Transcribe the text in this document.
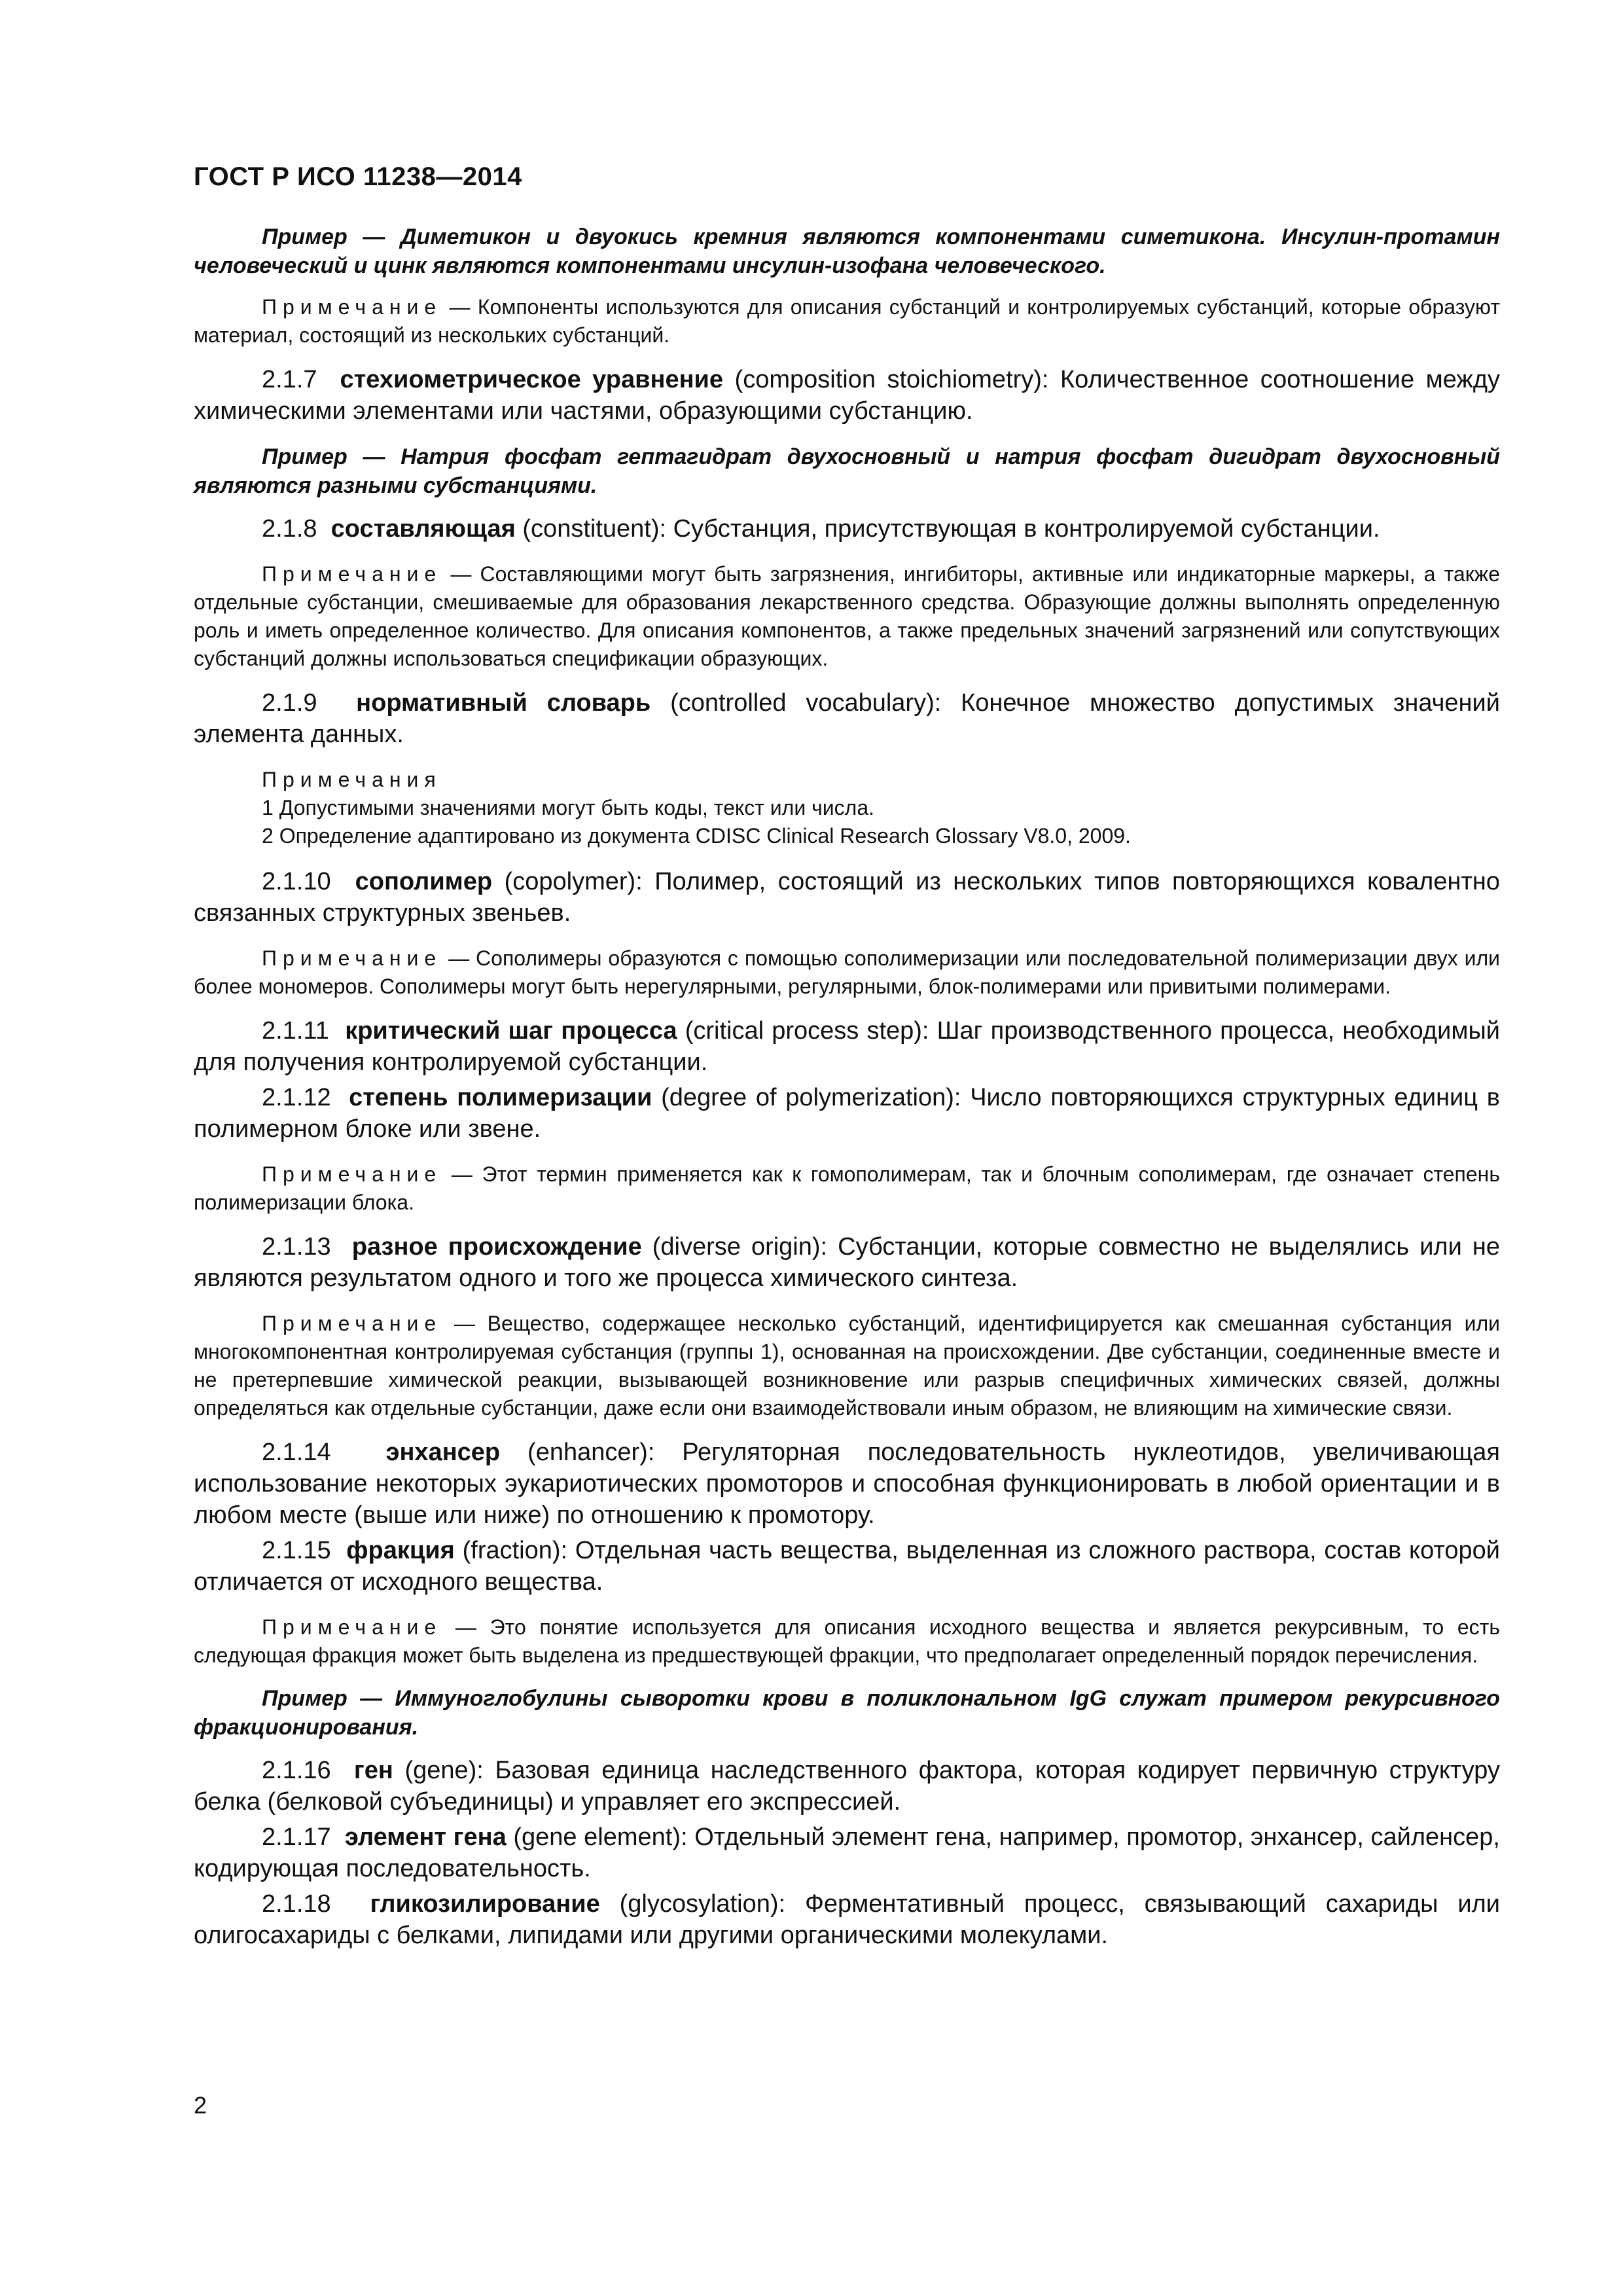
ГОСТ Р ИСО 11238—2014

Пример — Диметикон и двуокись кремния являются компонентами симетикона. Инсулин-протамин человеческий и цинк являются компонентами инсулин-изофана человеческого.

Примечание — Компоненты используются для описания субстанций и контролируемых субстанций, которые образуют материал, состоящий из нескольких субстанций.

2.1.7 стехиометрическое уравнение (composition stoichiometry): Количественное соотношение между химическими элементами или частями, образующими субстанцию.

Пример — Натрия фосфат гептагидрат двухосновный и натрия фосфат дигидрат двухосновный являются разными субстанциями.

2.1.8 составляющая (constituent): Субстанция, присутствующая в контролируемой субстанции.

Примечание — Составляющими могут быть загрязнения, ингибиторы, активные или индикаторные маркеры, а также отдельные субстанции, смешиваемые для образования лекарственного средства. Образующие должны выполнять определенную роль и иметь определенное количество. Для описания компонентов, а также предельных значений загрязнений или сопутствующих субстанций должны использоваться спецификации образующих.

2.1.9 нормативный словарь (controlled vocabulary): Конечное множество допустимых значений элемента данных.

Примечания

1 Допустимыми значениями могут быть коды, текст или числа.

2 Определение адаптировано из документа CDISC Clinical Research Glossary V8.0, 2009.

2.1.10 сополимер (copolymer): Полимер, состоящий из нескольких типов повторяющихся ковалентно связанных структурных звеньев.

Примечание — Сополимеры образуются с помощью сополимеризации или последовательной полимеризации двух или более мономеров. Сополимеры могут быть нерегулярными, регулярными, блок-полимерами или привитыми полимерами.

2.1.11 критический шаг процесса (critical process step): Шаг производственного процесса, необходимый для получения контролируемой субстанции.

2.1.12 степень полимеризации (degree of polymerization): Число повторяющихся структурных единиц в полимерном блоке или звене.

Примечание — Этот термин применяется как к гомополимерам, так и блочным сополимерам, где означает степень полимеризации блока.

2.1.13 разное происхождение (diverse origin): Субстанции, которые совместно не выделялись или не являются результатом одного и того же процесса химического синтеза.

Примечание — Вещество, содержащее несколько субстанций, идентифицируется как смешанная субстанция или многокомпонентная контролируемая субстанция (группы 1), основанная на происхождении. Две субстанции, соединенные вместе и не претерпевшие химической реакции, вызывающей возникновение или разрыв специфичных химических связей, должны определяться как отдельные субстанции, даже если они взаимодействовали иным образом, не влияющим на химические связи.

2.1.14 энхансер (enhancer): Регуляторная последовательность нуклеотидов, увеличивающая использование некоторых эукариотических промоторов и способная функционировать в любой ориентации и в любом месте (выше или ниже) по отношению к промотору.

2.1.15 фракция (fraction): Отдельная часть вещества, выделенная из сложного раствора, состав которой отличается от исходного вещества.

Примечание — Это понятие используется для описания исходного вещества и является рекурсивным, то есть следующая фракция может быть выделена из предшествующей фракции, что предполагает определенный порядок перечисления.

Пример — Иммуноглобулины сыворотки крови в поликлональном IgG служат примером рекурсивного фракционирования.

2.1.16 ген (gene): Базовая единица наследственного фактора, которая кодирует первичную структуру белка (белковой субъединицы) и управляет его экспрессией.

2.1.17 элемент гена (gene element): Отдельный элемент гена, например, промотор, энхансер, сайленсер, кодирующая последовательность.

2.1.18 гликозилирование (glycosylation): Ферментативный процесс, связывающий сахариды или олигосахариды с белками, липидами или другими органическими молекулами.

2
